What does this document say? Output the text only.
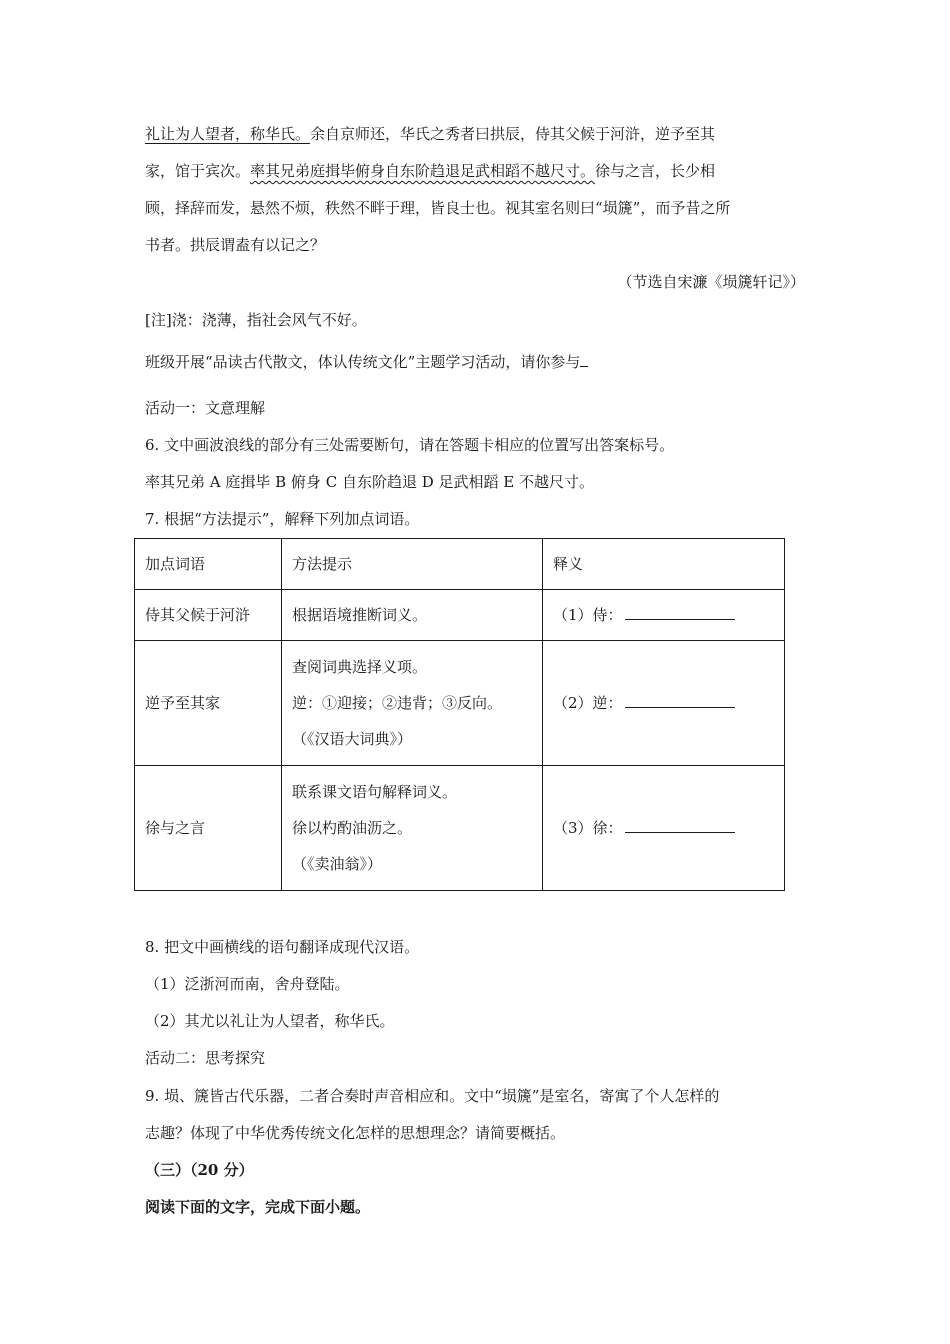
礼让为人望者，称华氏。余自京师还，华氏之秀者曰拱辰，侍其父候于河浒，逆予至其
家，馆于宾次。率其兄弟庭揖毕俯身自东阶趋退足武相蹈不越尺寸。徐与之言，长少相
顾，择辞而发，悬然不烦，秩然不畔于理，皆良士也。视其室名则曰“埙篪”，而予昔之所
书者。拱辰谓盍有以记之？
（节选自宋濂《埙篪轩记》）
[注]浇：浇薄，指社会风气不好。
班级开展“品读古代散文，体认传统文化”主题学习活动，请你参与
活动一：文意理解
6. 文中画波浪线的部分有三处需要断句，请在答题卡相应的位置写出答案标号。
率其兄弟 A 庭揖毕 B 俯身 C 自东阶趋退 D 足武相蹈 E 不越尺寸。
7. 根据“方法提示”，解释下列加点词语。
加点词语	方法提示	释义
侍其父候于河浒	根据语境推断词义。	（1）侍：
逆予至其家	查阅词典选择义项。
逆：①迎接；②违背；③反向。
（《汉语大词典》）	（2）逆：
徐与之言	联系课文语句解释词义。
徐以杓酌油沥之。
（《卖油翁》）	（3）徐：
8. 把文中画横线的语句翻译成现代汉语。
（1）泛浙河而南，舍舟登陆。
（2）其尤以礼让为人望者，称华氏。
活动二：思考探究
9. 埙、篪皆古代乐器，二者合奏时声音相应和。文中“埙篪”是室名，寄寓了个人怎样的
志趣？体现了中华优秀传统文化怎样的思想理念？请简要概括。
（三）（20 分）
阅读下面的文字，完成下面小题。
